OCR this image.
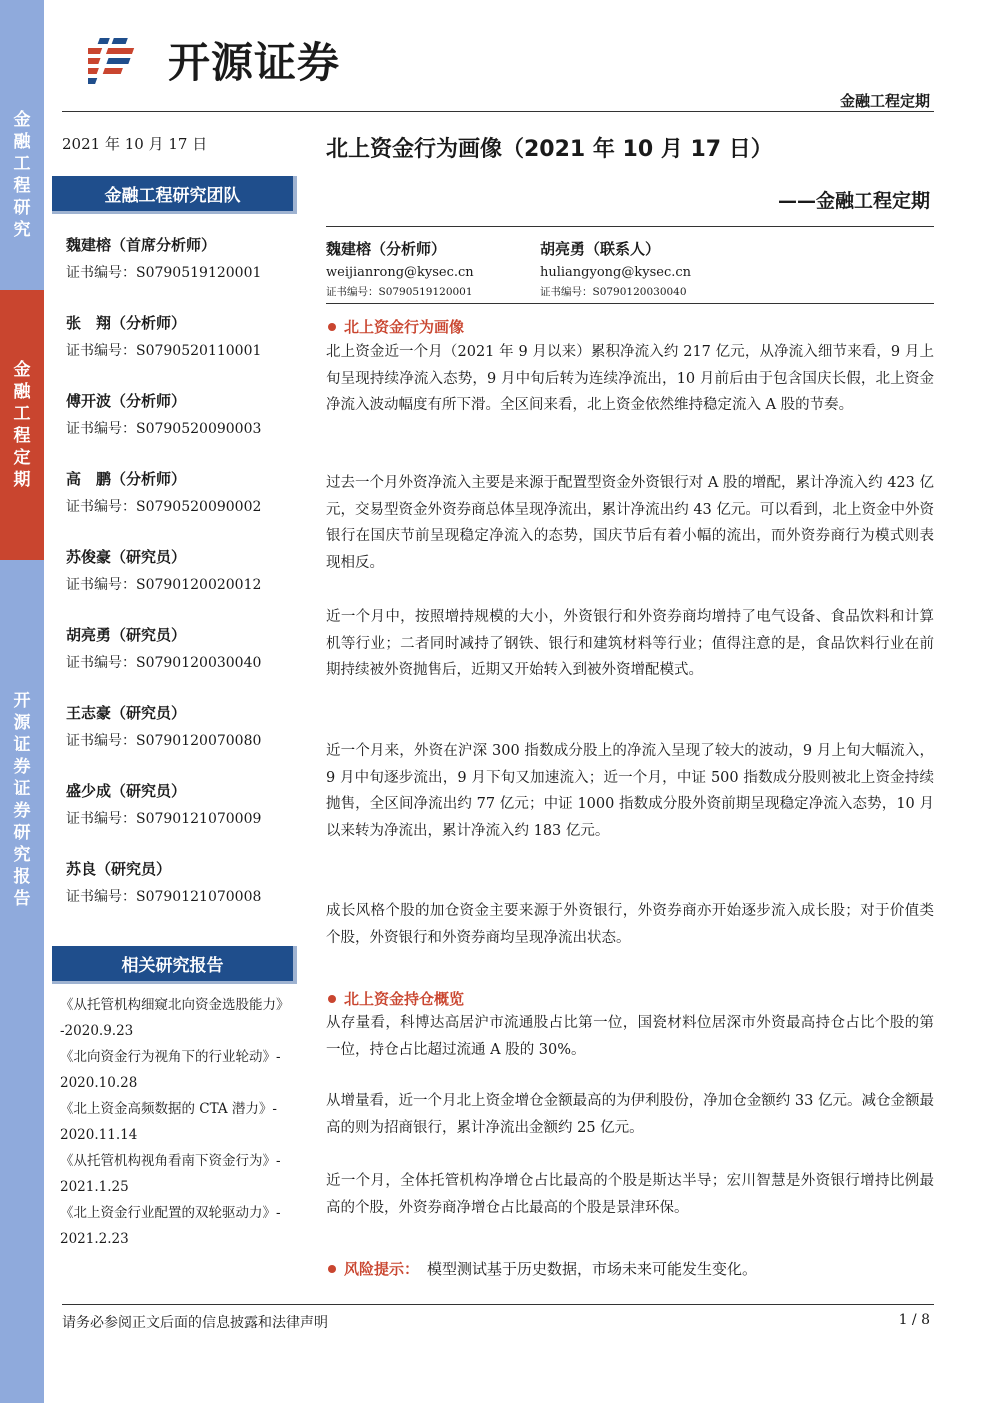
金
融
工
程
研
究
金
融
工
程
定
期
开
源
证
券
证
券
研
究
报
告
开源证券
金融工程定期
2021 年 10 月 17 日
金融工程研究团队
魏建榕（首席分析师）
证书编号：S0790519120001
张　翔（分析师）
证书编号：S0790520110001
傅开波（分析师）
证书编号：S0790520090003
高　鹏（分析师）
证书编号：S0790520090002
苏俊豪（研究员）
证书编号：S0790120020012
胡亮勇（研究员）
证书编号：S0790120030040
王志豪（研究员）
证书编号：S0790120070080
盛少成（研究员）
证书编号：S0790121070009
苏良（研究员）
证书编号：S0790121070008
相关研究报告
《从托管机构细窥北向资金选股能力》
-2020.9.23
《北向资金行为视角下的行业轮动》-
2020.10.28
《北上资金高频数据的 CTA 潜力》-
2020.11.14
《从托管机构视角看南下资金行为》-
2021.1.25
《北上资金行业配置的双轮驱动力》-
2021.2.23
北上资金行为画像（2021 年 10 月 17 日）
——金融工程定期
魏建榕（分析师）
weijianrong@kysec.cn
证书编号：S0790519120001
胡亮勇（联系人）
huliangyong@kysec.cn
证书编号：S0790120030040
北上资金行为画像
北上资金近一个月（2021 年 9 月以来）累积净流入约 217 亿元，从净流入细节来看，9 月上旬呈现持续净流入态势，9 月中旬后转为连续净流出，10 月前后由于包含国庆长假，北上资金净流入波动幅度有所下滑。全区间来看，北上资金依然维持稳定流入 A 股的节奏。
过去一个月外资净流入主要是来源于配置型资金外资银行对 A 股的增配，累计净流入约 423 亿元，交易型资金外资券商总体呈现净流出，累计净流出约 43 亿元。可以看到，北上资金中外资银行在国庆节前呈现稳定净流入的态势，国庆节后有着小幅的流出，而外资券商行为模式则表现相反。
近一个月中，按照增持规模的大小，外资银行和外资券商均增持了电气设备、食品饮料和计算机等行业；二者同时减持了钢铁、银行和建筑材料等行业；值得注意的是，食品饮料行业在前期持续被外资抛售后，近期又开始转入到被外资增配模式。
近一个月来，外资在沪深 300 指数成分股上的净流入呈现了较大的波动，9 月上旬大幅流入，9 月中旬逐步流出，9 月下旬又加速流入；近一个月，中证 500 指数成分股则被北上资金持续抛售，全区间净流出约 77 亿元；中证 1000 指数成分股外资前期呈现稳定净流入态势，10 月以来转为净流出，累计净流入约 183 亿元。
成长风格个股的加仓资金主要来源于外资银行，外资券商亦开始逐步流入成长股；对于价值类个股，外资银行和外资券商均呈现净流出状态。
北上资金持仓概览
从存量看，科博达高居沪市流通股占比第一位，国瓷材料位居深市外资最高持仓占比个股的第一位，持仓占比超过流通 A 股的 30%。
从增量看，近一个月北上资金增仓金额最高的为伊利股份，净加仓金额约 33 亿元。减仓金额最高的则为招商银行，累计净流出金额约 25 亿元。
近一个月，全体托管机构净增仓占比最高的个股是斯达半导；宏川智慧是外资银行增持比例最高的个股，外资券商净增仓占比最高的个股是景津环保。
风险提示： 模型测试基于历史数据，市场未来可能发生变化。
请务必参阅正文后面的信息披露和法律声明	1 / 8
